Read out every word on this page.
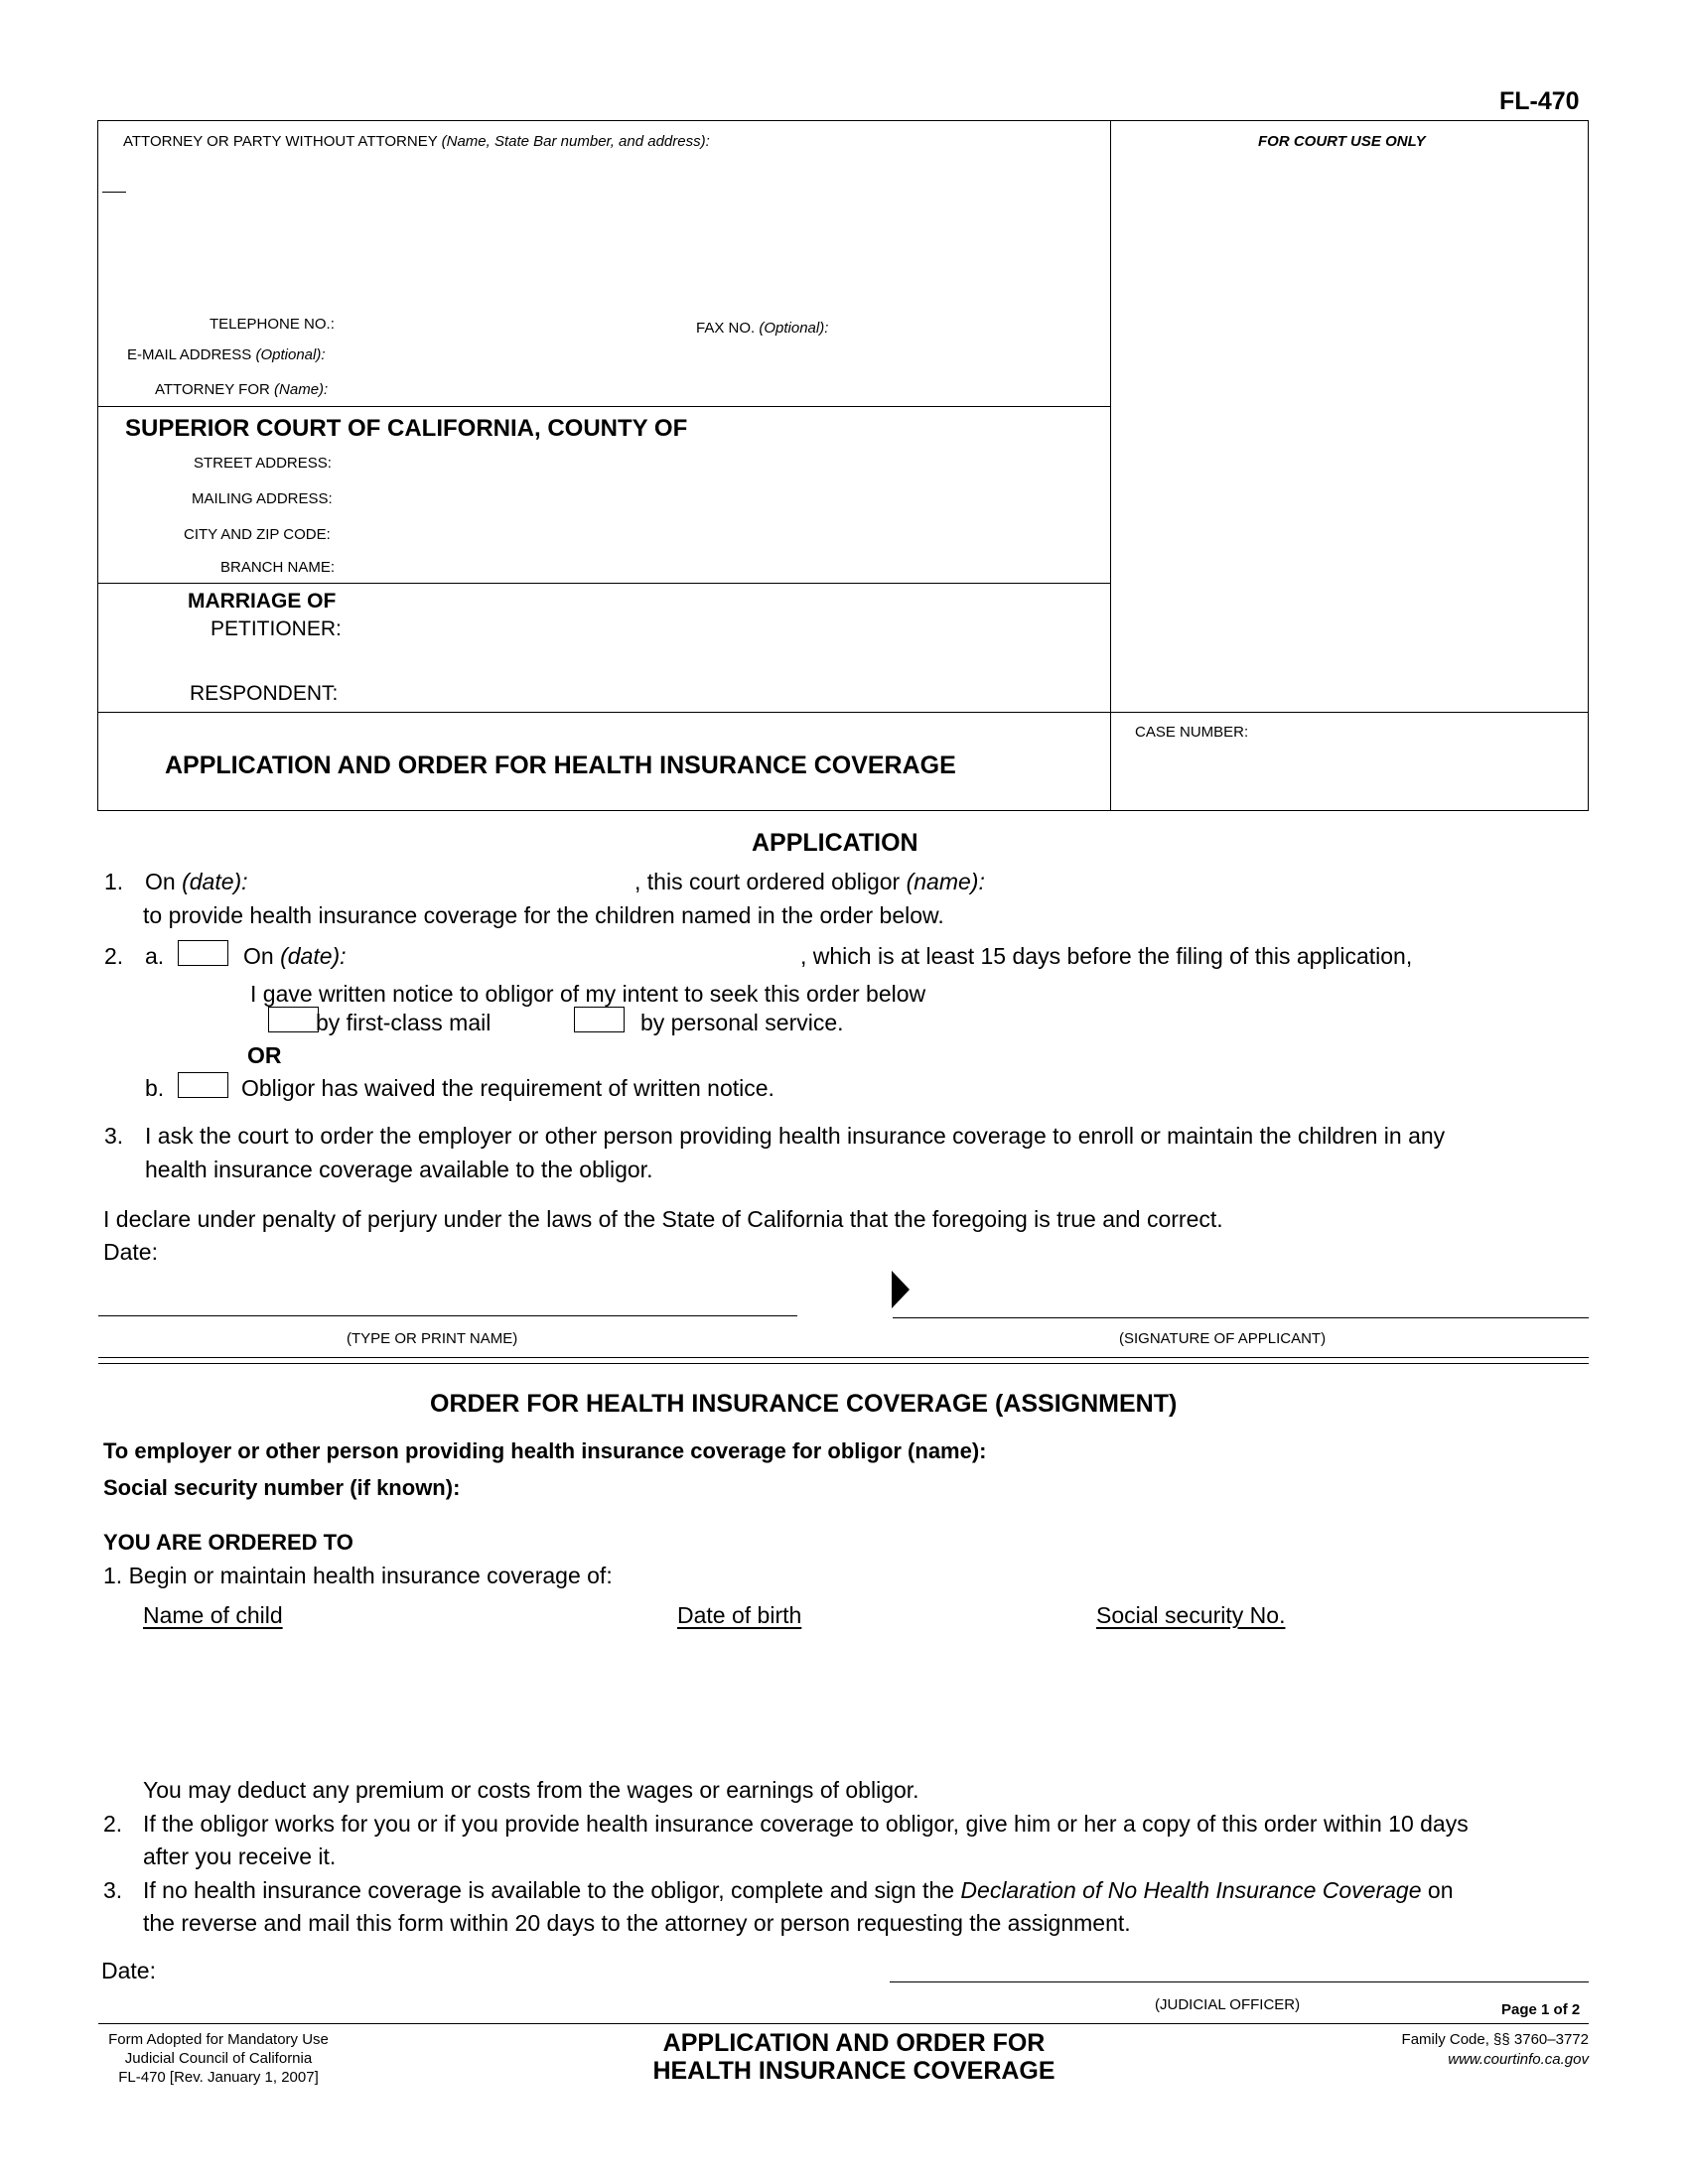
FL-470
ATTORNEY OR PARTY WITHOUT ATTORNEY (Name, State Bar number, and address):	FOR COURT USE ONLY
TELEPHONE NO.:	FAX NO. (Optional):
E-MAIL ADDRESS (Optional):
ATTORNEY FOR (Name):
SUPERIOR COURT OF CALIFORNIA, COUNTY OF
STREET ADDRESS:
MAILING ADDRESS:
CITY AND ZIP CODE:
BRANCH NAME:
MARRIAGE OF
PETITIONER:
RESPONDENT:
APPLICATION AND ORDER FOR HEALTH INSURANCE COVERAGE
CASE NUMBER:
APPLICATION
1. On (date):	, this court ordered obligor (name):
to provide health insurance coverage for the children named in the order below.
2. a.	On (date):	, which is at least 15 days before the filing of this application,
I gave written notice to obligor of my intent to seek this order below
by first-class mail	by personal service.
OR
b.	Obligor has waived the requirement of written notice.
3. I ask the court to order the employer or other person providing health insurance coverage to enroll or maintain the children in any
health insurance coverage available to the obligor.
I declare under penalty of perjury under the laws of the State of California that the foregoing is true and correct.
Date:
(TYPE OR PRINT NAME)	(SIGNATURE OF APPLICANT)
ORDER FOR HEALTH INSURANCE COVERAGE (ASSIGNMENT)
To employer or other person providing health insurance coverage for obligor (name):
Social security number (if known):
YOU ARE ORDERED TO
1. Begin or maintain health insurance coverage of:
Name of child	Date of birth	Social security No.
You may deduct any premium or costs from the wages or earnings of obligor.
2. If the obligor works for you or if you provide health insurance coverage to obligor, give him or her a copy of this order within 10 days
after you receive it.
3. If no health insurance coverage is available to the obligor, complete and sign the Declaration of No Health Insurance Coverage on
the reverse and mail this form within 20 days to the attorney or person requesting the assignment.
Date:
(JUDICIAL OFFICER)	Page 1 of 2
Form Adopted for Mandatory Use
Judicial Council of California
FL-470 [Rev. January 1, 2007]
APPLICATION AND ORDER FOR
HEALTH INSURANCE COVERAGE
Family Code, §§ 3760–3772
www.courtinfo.ca.gov
